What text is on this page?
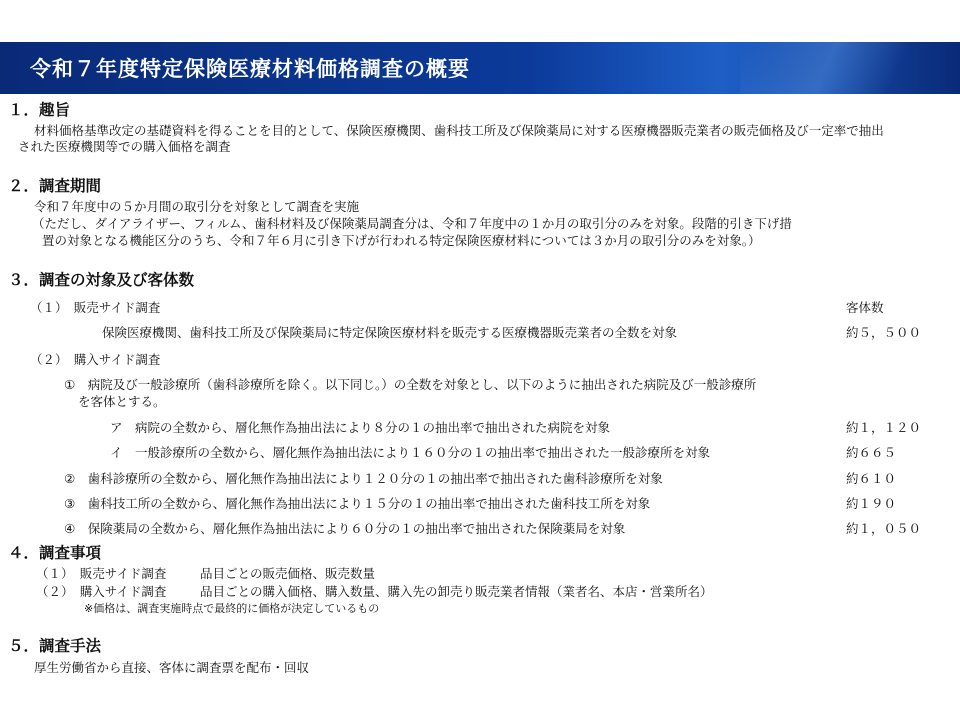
令和７年度特定保険医療材料価格調査の概要
１．趣旨
材料価格基準改定の基礎資料を得ることを目的として、保険医療機関、歯科技工所及び保険薬局に対する医療機器販売業者の販売価格及び一定率で抽出
された医療機関等での購入価格を調査
２．調査期間
令和７年度中の５か月間の取引分を対象として調査を実施
（ただし、ダイアライザー、フィルム、歯科材料及び保険薬局調査分は、令和７年度中の１か月の取引分のみを対象。段階的引き下げ措
置の対象となる機能区分のうち、令和７年６月に引き下げが行われる特定保険医療材料については３か月の取引分のみを対象。）
３．調査の対象及び客体数
（１）　販売サイド調査	客体数
保険医療機関、歯科技工所及び保険薬局に特定保険医療材料を販売する医療機器販売業者の全数を対象	約５，５００
（２）　購入サイド調査
①　病院及び一般診療所（歯科診療所を除く。以下同じ。）の全数を対象とし、以下のように抽出された病院及び一般診療所
を客体とする。
ア　病院の全数から、層化無作為抽出法により８分の１の抽出率で抽出された病院を対象	約１，１２０
イ　一般診療所の全数から、層化無作為抽出法により１６０分の１の抽出率で抽出された一般診療所を対象	約６６５
②　歯科診療所の全数から、層化無作為抽出法により１２０分の１の抽出率で抽出された歯科診療所を対象	約６１０
③　歯科技工所の全数から、層化無作為抽出法により１５分の１の抽出率で抽出された歯科技工所を対象	約１９０
④　保険薬局の全数から、層化無作為抽出法により６０分の１の抽出率で抽出された保険薬局を対象	約１，０５０
４．調査事項
（１）　販売サイド調査	品目ごとの販売価格、販売数量
（２）　購入サイド調査	品目ごとの購入価格、購入数量、購入先の卸売り販売業者情報（業者名、本店・営業所名）
※価格は、調査実施時点で最終的に価格が決定しているもの
５．調査手法
厚生労働省から直接、客体に調査票を配布・回収
